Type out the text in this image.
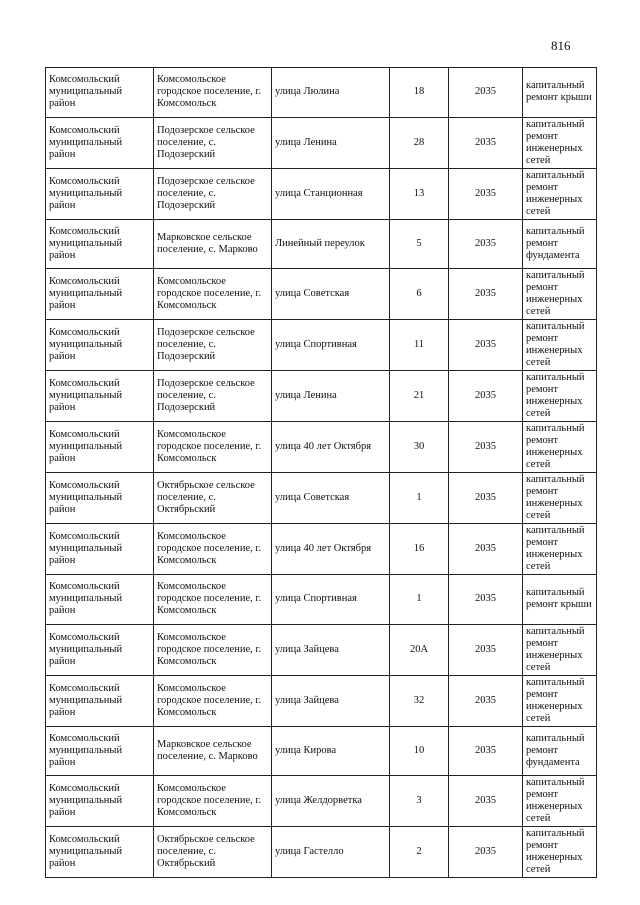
816
Комсомольский муниципальный район	Комсомольское городское поселение, г. Комсомольск	улица Люлина	18	2035	капитальный ремонт крыши
Комсомольский муниципальный район	Подозерское сельское поселение, с. Подозерский	улица Ленина	28	2035	капитальный ремонт инженерных сетей
Комсомольский муниципальный район	Подозерское сельское поселение, с. Подозерский	улица Станционная	13	2035	капитальный ремонт инженерных сетей
Комсомольский муниципальный район	Марковское сельское поселение, с. Марково	Линейный переулок	5	2035	капитальный ремонт фундамента
Комсомольский муниципальный район	Комсомольское городское поселение, г. Комсомольск	улица Советская	6	2035	капитальный ремонт инженерных сетей
Комсомольский муниципальный район	Подозерское сельское поселение, с. Подозерский	улица Спортивная	11	2035	капитальный ремонт инженерных сетей
Комсомольский муниципальный район	Подозерское сельское поселение, с. Подозерский	улица Ленина	21	2035	капитальный ремонт инженерных сетей
Комсомольский муниципальный район	Комсомольское городское поселение, г. Комсомольск	улица 40 лет Октября	30	2035	капитальный ремонт инженерных сетей
Комсомольский муниципальный район	Октябрьское сельское поселение, с. Октябрьский	улица Советская	1	2035	капитальный ремонт инженерных сетей
Комсомольский муниципальный район	Комсомольское городское поселение, г. Комсомольск	улица 40 лет Октября	16	2035	капитальный ремонт инженерных сетей
Комсомольский муниципальный район	Комсомольское городское поселение, г. Комсомольск	улица Спортивная	1	2035	капитальный ремонт крыши
Комсомольский муниципальный район	Комсомольское городское поселение, г. Комсомольск	улица Зайцева	20А	2035	капитальный ремонт инженерных сетей
Комсомольский муниципальный район	Комсомольское городское поселение, г. Комсомольск	улица Зайцева	32	2035	капитальный ремонт инженерных сетей
Комсомольский муниципальный район	Марковское сельское поселение, с. Марково	улица Кирова	10	2035	капитальный ремонт фундамента
Комсомольский муниципальный район	Комсомольское городское поселение, г. Комсомольск	улица Желдорветка	3	2035	капитальный ремонт инженерных сетей
Комсомольский муниципальный район	Октябрьское сельское поселение, с. Октябрьский	улица Гастелло	2	2035	капитальный ремонт инженерных сетей
